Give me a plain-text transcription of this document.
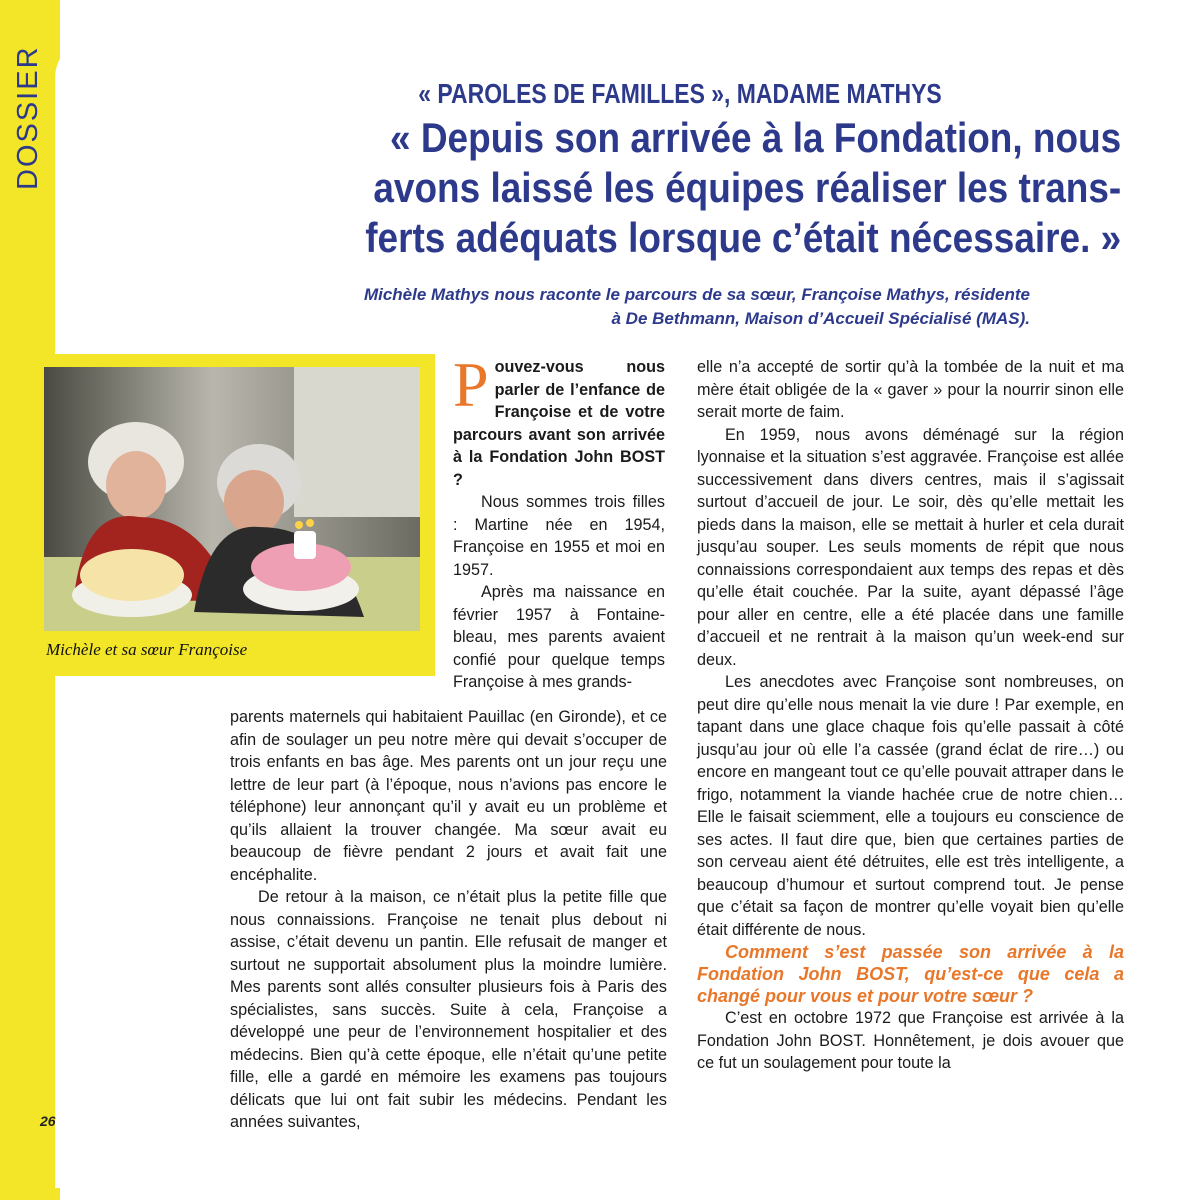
DOSSIER	« PAROLES DE FAMILLES », MADAME MATHYS
« Depuis son arrivée à la Fondation, nous
avons laissé les équipes réaliser les trans-
ferts adéquats lorsque c’était nécessaire. »
Michèle Mathys nous raconte le parcours de sa sœur, Françoise Mathys, résidente
à De Bethmann, Maison d’Accueil Spécialisé (MAS).
Michèle et sa sœur Françoise

Pouvez-vous nous parler de l’enfance de Françoise et de votre parcours avant son arrivée à la Fondation John BOST ?

Nous sommes trois filles : Martine née en 1954, Françoise en 1955 et moi en 1957.

Après ma naissance en février 1957 à Fontaine-bleau, mes parents avaient confié pour quelque temps Françoise à mes grands-

parents maternels qui habitaient Pauillac (en Gironde), et ce afin de soulager un peu notre mère qui devait s’occuper de trois enfants en bas âge. Mes parents ont un jour reçu une lettre de leur part (à l’époque, nous n’avions pas encore le téléphone) leur annonçant qu’il y avait eu un problème et qu’ils allaient la trouver changée. Ma sœur avait eu beaucoup de fièvre pendant 2 jours et avait fait une encéphalite.

De retour à la maison, ce n’était plus la petite fille que nous connaissions. Françoise ne tenait plus debout ni assise, c’était devenu un pantin. Elle refusait de manger et surtout ne supportait absolument plus la moindre lumière. Mes parents sont allés consulter plusieurs fois à Paris des spécialistes, sans succès. Suite à cela, Françoise a développé une peur de l’environnement hospitalier et des médecins. Bien qu’à cette époque, elle n’était qu’une petite fille, elle a gardé en mémoire les examens pas toujours délicats que lui ont fait subir les médecins. Pendant les années suivantes,

elle n’a accepté de sortir qu’à la tombée de la nuit et ma mère était obligée de la « gaver » pour la nourrir sinon elle serait morte de faim.

En 1959, nous avons déménagé sur la région lyonnaise et la situation s’est aggravée. Françoise est allée successivement dans divers centres, mais il s’agissait surtout d’accueil de jour. Le soir, dès qu’elle mettait les pieds dans la maison, elle se mettait à hurler et cela durait jusqu’au souper. Les seuls moments de répit que nous connaissions correspondaient aux temps des repas et dès qu’elle était couchée. Par la suite, ayant dépassé l’âge pour aller en centre, elle a été placée dans une famille d’accueil et ne rentrait à la maison qu’un week-end sur deux.

Les anecdotes avec Françoise sont nombreuses, on peut dire qu’elle nous menait la vie dure ! Par exemple, en tapant dans une glace chaque fois qu’elle passait à côté jusqu’au jour où elle l’a cassée (grand éclat de rire…) ou encore en mangeant tout ce qu’elle pouvait attraper dans le frigo, notamment la viande hachée crue de notre chien… Elle le faisait sciemment, elle a toujours eu conscience de ses actes. Il faut dire que, bien que certaines parties de son cerveau aient été détruites, elle est très intelligente, a beaucoup d’humour et surtout comprend tout. Je pense que c’était sa façon de montrer qu’elle voyait bien qu’elle était différente de nous.

Comment s’est passée son arrivée à la Fondation John BOST, qu’est-ce que cela a changé pour vous et pour votre sœur ?

C’est en octobre 1972 que Françoise est arrivée à la Fondation John BOST. Honnêtement, je dois avouer que ce fut un soulagement pour toute la

26
